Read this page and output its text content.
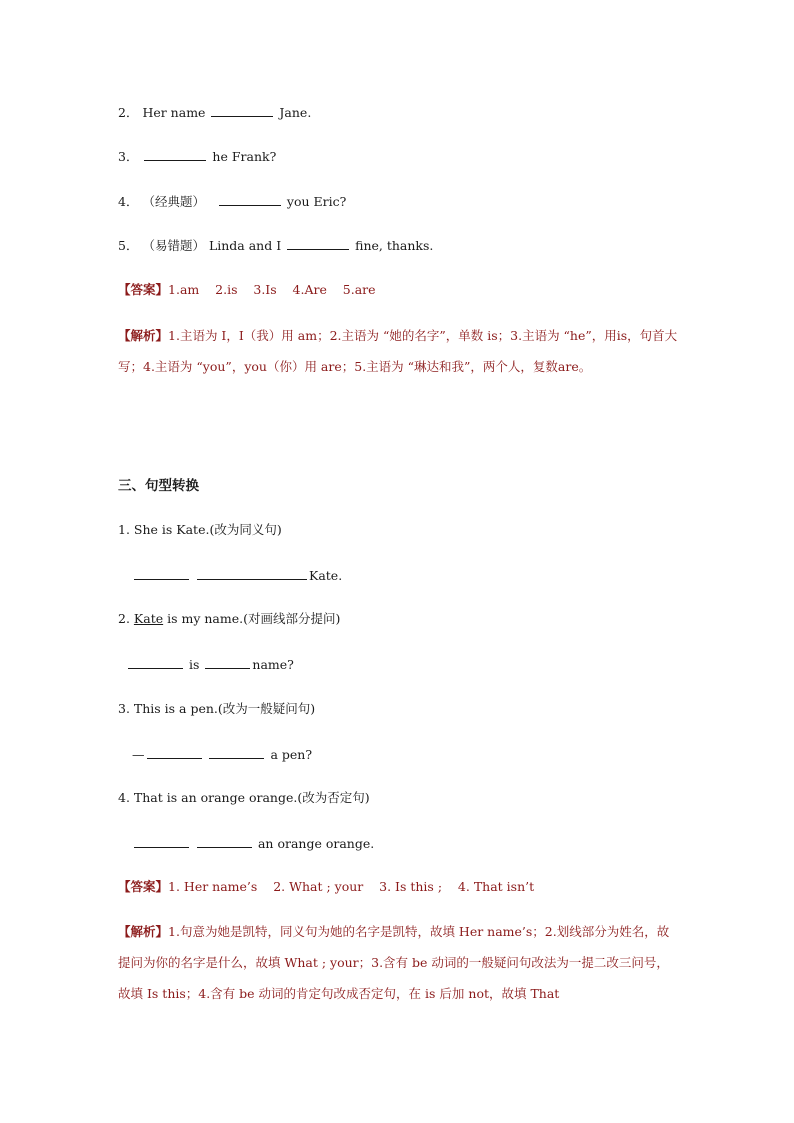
2． Her name	Jane.
3．	he Frank?
4． （经典题）	you Eric?
5． （易错题） Linda and I	fine, thanks.
【答案】1.am    2.is    3.Is    4.Are    5.are
【解析】1.主语为 I，I（我）用 am；2.主语为 “她的名字”，单数 is；3.主语为 “he”，用is，句首大写；4.主语为 “you”，you（你）用 are；5.主语为 “琳达和我”，两个人，复数are。
三、句型转换
1. She is Kate.(改为同义句)
Kate.
2. Kate is my name.(对画线部分提问)
is	name?
3. This is a pen.(改为一般疑问句)
—	a pen?
4. That is an orange orange.(改为否定句)
an orange orange.
【答案】1. Her name’s    2. What ; your    3. Is this ;    4. That isn’t
【解析】1.句意为她是凯特，同义句为她的名字是凯特，故填 Her name’s；2.划线部分为姓名，故提问为你的名字是什么，故填 What ; your；3.含有 be 动词的一般疑问句改法为一提二改三问号，故填 Is this；4.含有 be 动词的肯定句改成否定句，在 is 后加 not，故填 That
